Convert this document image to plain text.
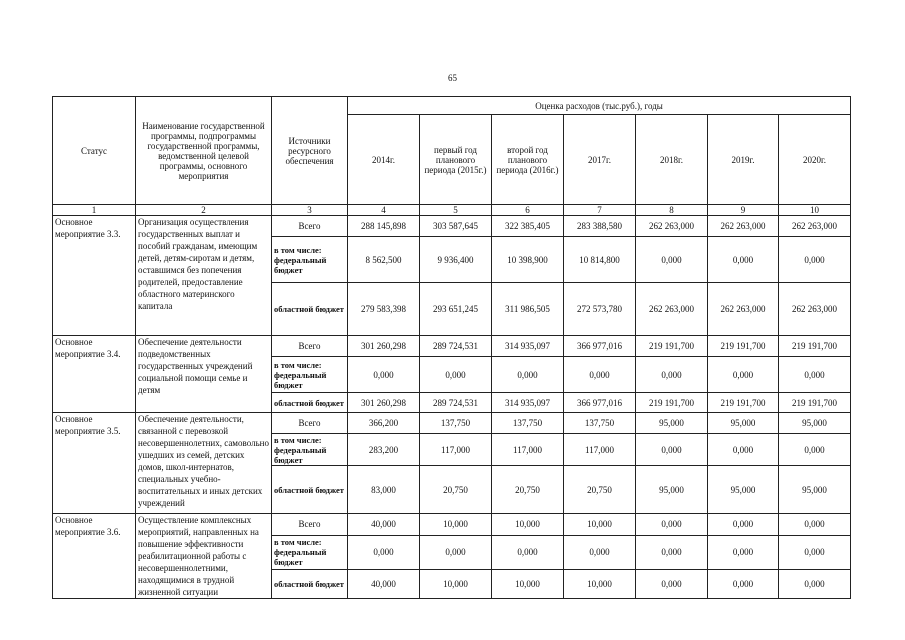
65
Статус	Наименование государственной программы, подпрограммы государственной программы, ведомственной целевой программы, основного мероприятия	Источники ресурсного обеспечения	Оценка расходов (тыс.руб.), годы						
			2014г.	первый год планового периода (2015г.)	второй год планового периода (2016г.)	2017г.	2018г.	2019г.	2020г.
1	2	3	4	5	6	7	8	9	10
Основное мероприятие 3.3.	Организация осуществления государственных выплат и пособий гражданам, имеющим детей, детям-сиротам и детям, оставшимся без попечения родителей, предоставление областного материнского капитала	Всего	288 145,898	303 587,645	322 385,405	283 388,580	262 263,000	262 263,000	262 263,000
		в том числе: федеральный бюджет	8 562,500	9 936,400	10 398,900	10 814,800	0,000	0,000	0,000
		областной бюджет	279 583,398	293 651,245	311 986,505	272 573,780	262 263,000	262 263,000	262 263,000
Основное мероприятие 3.4.	Обеспечение деятельности подведомственных государственных учреждений социальной помощи семье и детям	Всего	301 260,298	289 724,531	314 935,097	366 977,016	219 191,700	219 191,700	219 191,700
		в том числе: федеральный бюджет	0,000	0,000	0,000	0,000	0,000	0,000	0,000
		областной бюджет	301 260,298	289 724,531	314 935,097	366 977,016	219 191,700	219 191,700	219 191,700
Основное мероприятие 3.5.	Обеспечение деятельности, связанной с перевозкой несовершеннолетних, самовольно ушедших из семей, детских домов, школ-интернатов, специальных учебно-воспитательных и иных детских учреждений	Всего	366,200	137,750	137,750	137,750	95,000	95,000	95,000
		в том числе: федеральный бюджет	283,200	117,000	117,000	117,000	0,000	0,000	0,000
		областной бюджет	83,000	20,750	20,750	20,750	95,000	95,000	95,000
Основное мероприятие 3.6.	Осуществление комплексных мероприятий, направленных на повышение эффективности реабилитационной работы с несовершеннолетними, находящимися в трудной жизненной ситуации	Всего	40,000	10,000	10,000	10,000	0,000	0,000	0,000
		в том числе: федеральный бюджет	0,000	0,000	0,000	0,000	0,000	0,000	0,000
		областной бюджет	40,000	10,000	10,000	10,000	0,000	0,000	0,000
